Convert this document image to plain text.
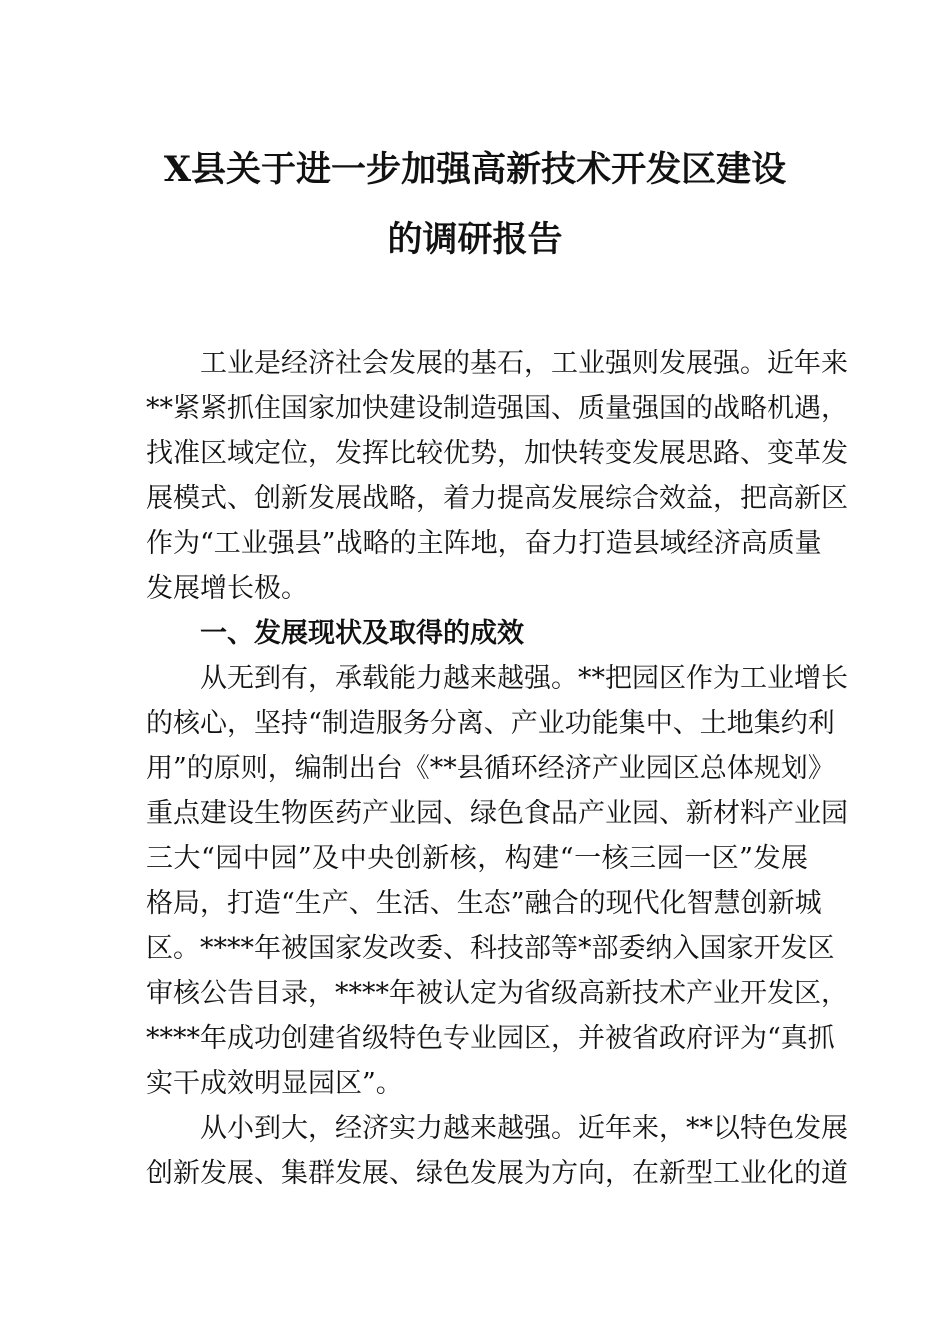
X县关于进一步加强高新技术开发区建设
的调研报告
工业是经济社会发展的基石，工业强则发展强。近年来
**紧紧抓住国家加快建设制造强国、质量强国的战略机遇，
找准区域定位，发挥比较优势，加快转变发展思路、变革发
展模式、创新发展战略，着力提高发展综合效益，把高新区
作为“工业强县”战略的主阵地，奋力打造县域经济高质量
发展增长极。
一、发展现状及取得的成效
从无到有，承载能力越来越强。**把园区作为工业增长
的核心，坚持“制造服务分离、产业功能集中、土地集约利
用”的原则，编制出台《**县循环经济产业园区总体规划》
重点建设生物医药产业园、绿色食品产业园、新材料产业园
三大“园中园”及中央创新核，构建“一核三园一区”发展
格局，打造“生产、生活、生态”融合的现代化智慧创新城
区。****年被国家发改委、科技部等*部委纳入国家开发区
审核公告目录，****年被认定为省级高新技术产业开发区，
****年成功创建省级特色专业园区，并被省政府评为“真抓
实干成效明显园区”。
从小到大，经济实力越来越强。近年来，**以特色发展
创新发展、集群发展、绿色发展为方向，在新型工业化的道
